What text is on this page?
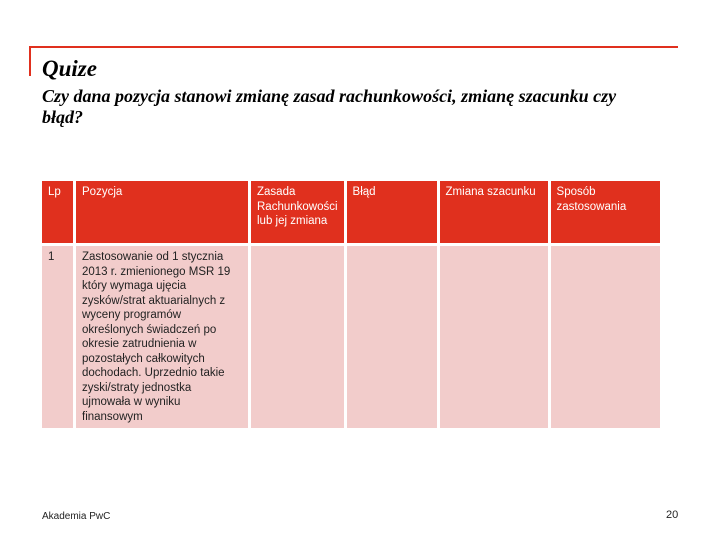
Quize
Czy dana pozycja stanowi zmianę zasad rachunkowości, zmianę szacunku czy
błąd?
Lp	Pozycja	Zasada Rachunkowości lub jej zmiana	Błąd	Zmiana szacunku	Sposób zastosowania
1	Zastosowanie od 1 stycznia 2013 r. zmienionego MSR 19 który wymaga ujęcia zysków/strat aktuarialnych z wyceny programów określonych świadczeń po okresie zatrudnienia w pozostałych całkowitych dochodach. Uprzednio takie zyski/straty jednostka ujmowała w wyniku finansowym				
Akademia PwC	20
